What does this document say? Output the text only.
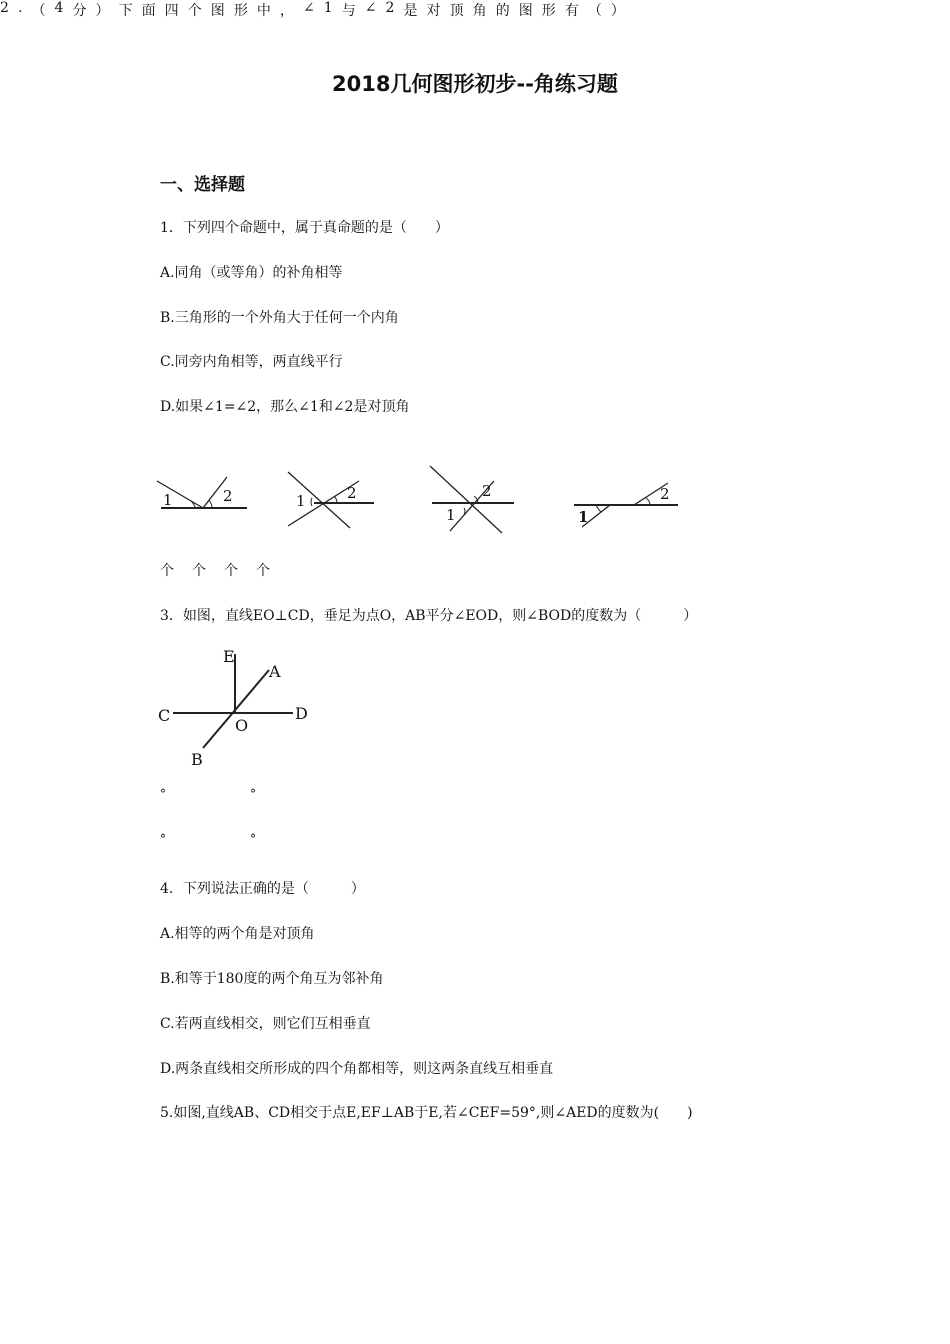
2018几何图形初步--角练习题
一、选择题
1．下列四个命题中，属于真命题的是（　　）
A.同角（或等角）的补角相等
B.三角形的一个外角大于任何一个内角
C.同旁内角相等，两直线平行
D.如果∠1=∠2，那么∠1和∠2是对顶角
2 . （ 4 分 ） 下 面 四 个 图 形 中 ， ∠ 1 与 ∠ 2 是 对 顶 角 的 图 形 有 （ ）
1	2	1	2
1
2
1
2
个　个　个　个
3．如图，直线EO⊥CD，垂足为点O，AB平分∠EOD，则∠BOD的度数为（　　　）
E
A
C	D
O
B
°　　　　　　　°
°　　　　　　　°
4．下列说法正确的是（　　　）
A.相等的两个角是对顶角
B.和等于180度的两个角互为邻补角
C.若两直线相交，则它们互相垂直
D.两条直线相交所形成的四个角都相等，则这两条直线互相垂直
5.如图,直线AB、CD相交于点E,EF⊥AB于E,若∠CEF=59°,则∠AED的度数为(　　)
